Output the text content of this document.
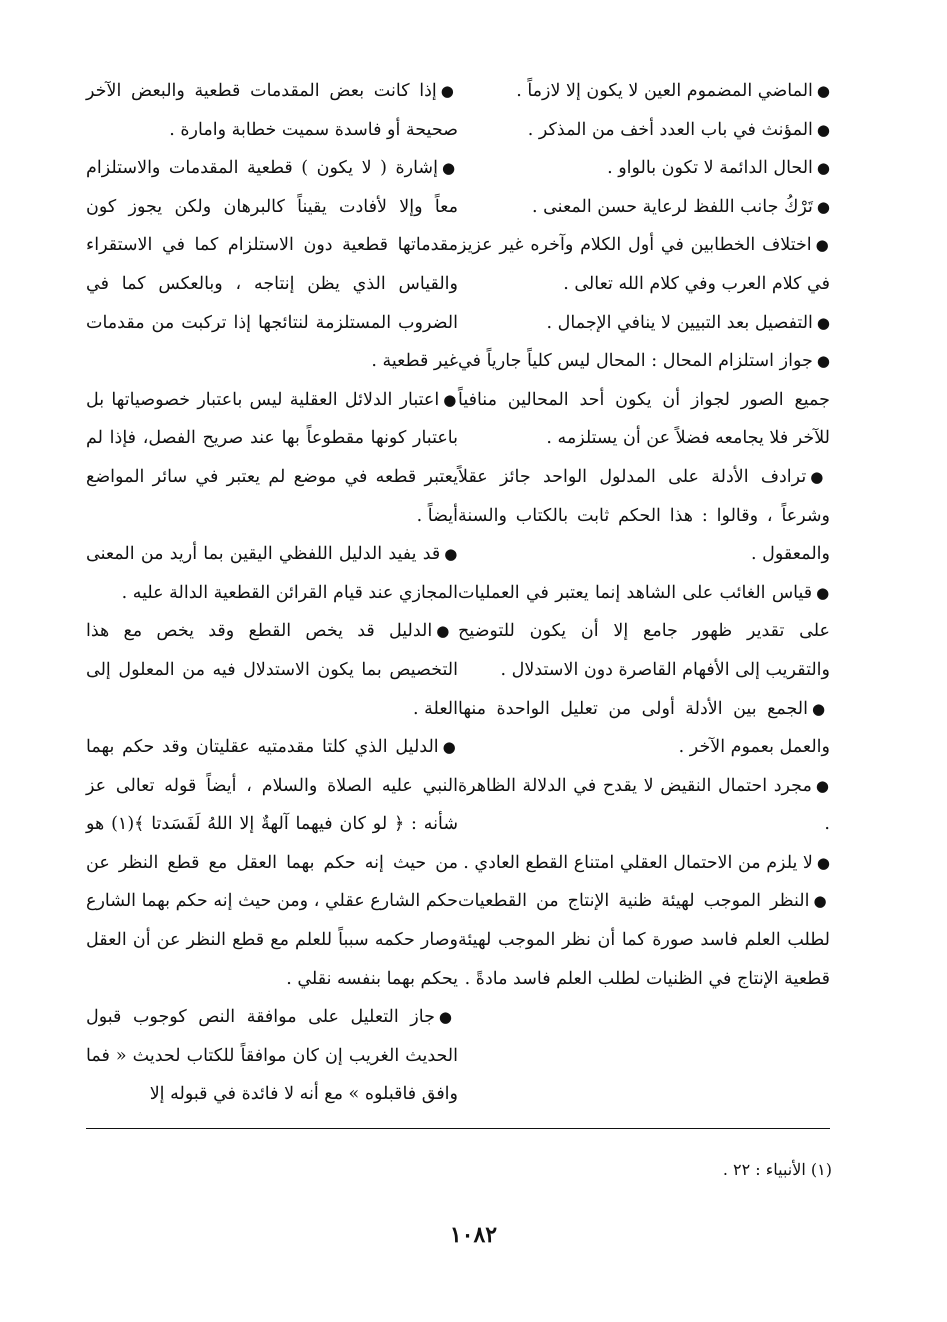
●الماضي المضموم العين لا يكون إلا لازماً .

●المؤنث في باب العدد أخف من المذكر .

●الحال الدائمة لا تكون بالواو .

●تَرْكُ جانب اللفظ لرعاية حسن المعنى .

●اختلاف الخطابين في أول الكلام وآخره غير عزيز في كلام العرب وفي كلام الله تعالى .

●التفصيل بعد التبيين لا ينافي الإجمال .

●جواز استلزام المحال : المحال ليس كلياً جارياً في جميع الصور لجواز أن يكون أحد المحالين منافياً للآخر فلا يجامعه فضلاً عن أن يستلزمه .

●ترادف الأدلة على المدلول الواحد جائز عقلاً وشرعاً ، وقالوا : هذا الحكم ثابت بالكتاب والسنة والمعقول .

●قياس الغائب على الشاهد إنما يعتبر في العمليات على تقدير ظهور جامع إلا أن يكون للتوضيح والتقريب إلى الأفهام القاصرة دون الاستدلال .

●الجمع بين الأدلة أولى من تعليل الواحدة منها والعمل بعموم الآخر .

●مجرد احتمال النقيض لا يقدح في الدلالة الظاهرة .

●لا يلزم من الاحتمال العقلي امتناع القطع العادي .

●النظر الموجب لهيئة ظنية الإنتاج من القطعيات لطلب العلم فاسد صورة كما أن نظر الموجب لهيئة قطعية الإنتاج في الظنيات لطلب العلم فاسد مادةً .

●إذا كانت بعض المقدمات قطعية والبعض الآخر صحيحة أو فاسدة سميت خطابة وامارة .

●إشارة ( لا يكون ) قطعية المقدمات والاستلزام معاً وإلا لأفادت يقيناً كالبرهان ولكن يجوز كون مقدماتها قطعية دون الاستلزام كما في الاستقراء والقياس الذي يظن إنتاجه ، وبالعكس كما في الضروب المستلزمة لنتائجها إذا تركبت من مقدمات غير قطعية .

●اعتبار الدلائل العقلية ليس باعتبار خصوصياتها بل باعتبار كونها مقطوعاً بها عند صريح الفصل، فإذا لم يعتبر قطعه في موضع لم يعتبر في سائر المواضع أيضاً .

●قد يفيد الدليل اللفظي اليقين بما أريد من المعنى المجازي عند قيام القرائن القطعية الدالة عليه .

●الدليل قد يخص القطع وقد يخص مع هذا التخصيص بما يكون الاستدلال فيه من المعلول إلى العلة .

●الدليل الذي كلتا مقدمتيه عقليتان وقد حكم بهما النبي عليه الصلاة والسلام ، أيضاً قوله تعالى عز شأنه : ﴿ لو كان فيهما آلهةٌ إلا اللهُ لَفَسَدتا ﴾(١) هو من حيث إنه حكم بهما العقل مع قطع النظر عن حكم الشارع عقلي ، ومن حيث إنه حكم بهما الشارع وصار حكمه سبباً للعلم مع قطع النظر عن أن العقل يحكم بهما بنفسه نقلي .

●جاز التعليل على موافقة النص كوجوب قبول الحديث الغريب إن كان موافقاً للكتاب لحديث « فما وافق فاقبلوه » مع أنه لا فائدة في قبوله إلا

(١) الأنبياء : ٢٢ .
١٠٨٢
